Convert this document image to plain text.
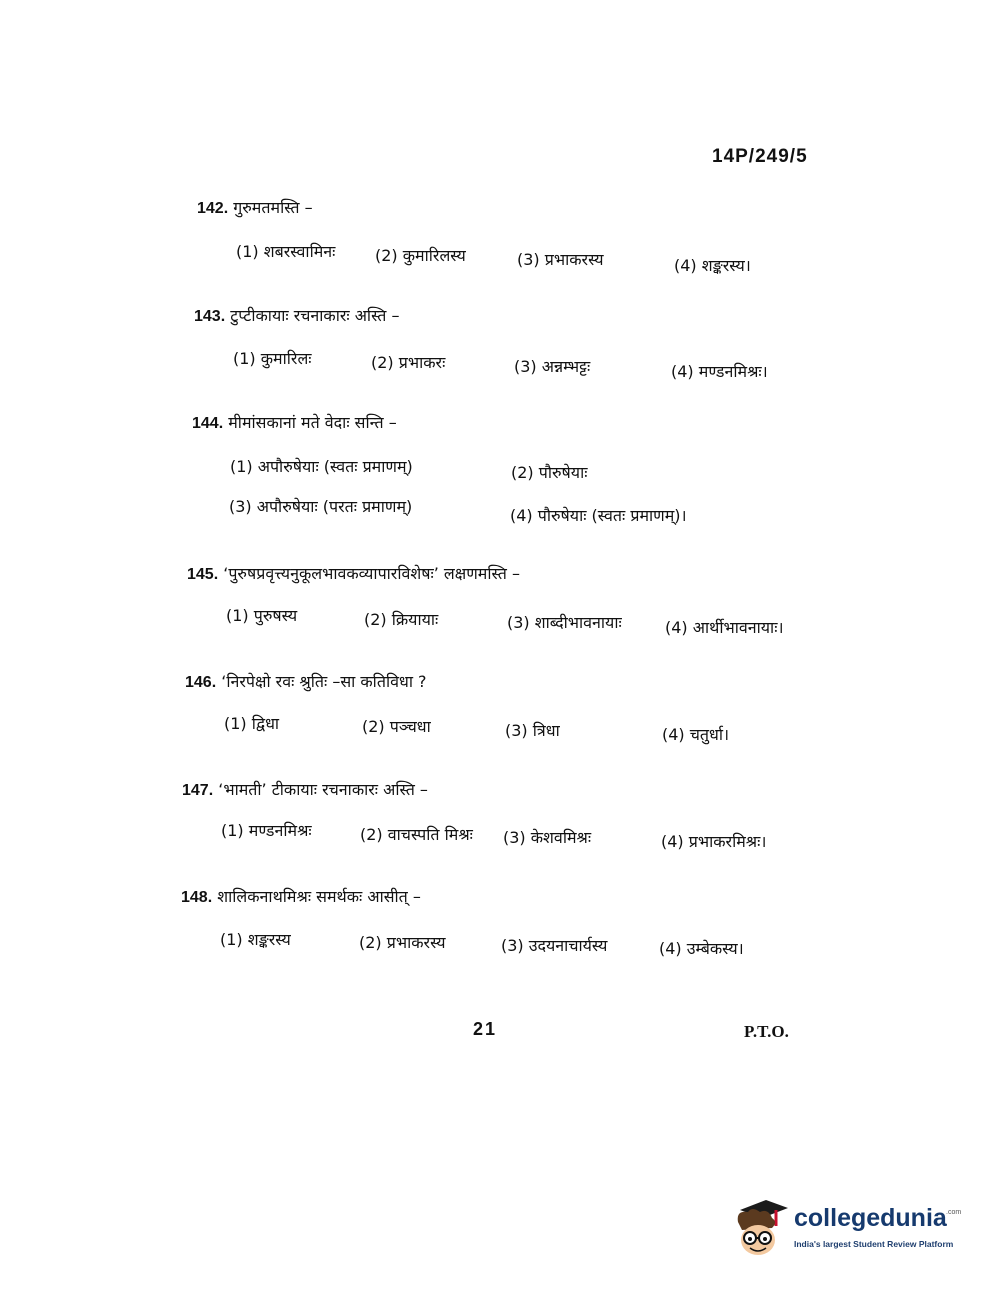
14P/249/5
142. गुरुमतमस्ति –
(1) शबरस्वामिनः (2) कुमारिलस्य	(3) प्रभाकरस्य	(4) शङ्करस्य।
143. टुप्टीकायाः रचनाकारः अस्ति –
(1) कुमारिलः	(2) प्रभाकरः	(3) अन्नम्भट्टः	(4) मण्डनमिश्रः।
144. मीमांसकानां मते वेदाः सन्ति –
(1) अपौरुषेयाः (स्वतः प्रमाणम्)	(2) पौरुषेयाः
(3) अपौरुषेयाः (परतः प्रमाणम्)	(4) पौरुषेयाः (स्वतः प्रमाणम्)।
145. ‘पुरुषप्रवृत्त्यनुकूलभावकव्यापारविशेषः’ लक्षणमस्ति –
(1) पुरुषस्य	(2) क्रियायाः	(3) शाब्दीभावनायाः	(4) आर्थीभावनायाः।
146. ‘निरपेक्षो रवः श्रुतिः –सा कतिविधा ?
(1) द्विधा	(2) पञ्चधा	(3) त्रिधा	(4) चतुर्धा।
147. ‘भामती’ टीकायाः रचनाकारः अस्ति –
(1) मण्डनमिश्रः	(2) वाचस्पति मिश्रः (3) केशवमिश्रः	(4) प्रभाकरमिश्रः।
148. शालिकनाथमिश्रः समर्थकः आसीत् –
(1) शङ्करस्य	(2) प्रभाकरस्य	(3) उदयनाचार्यस्य	(4) उम्बेकस्य।
21	P.T.O.
collegedunia .com
India's largest Student Review Platform
